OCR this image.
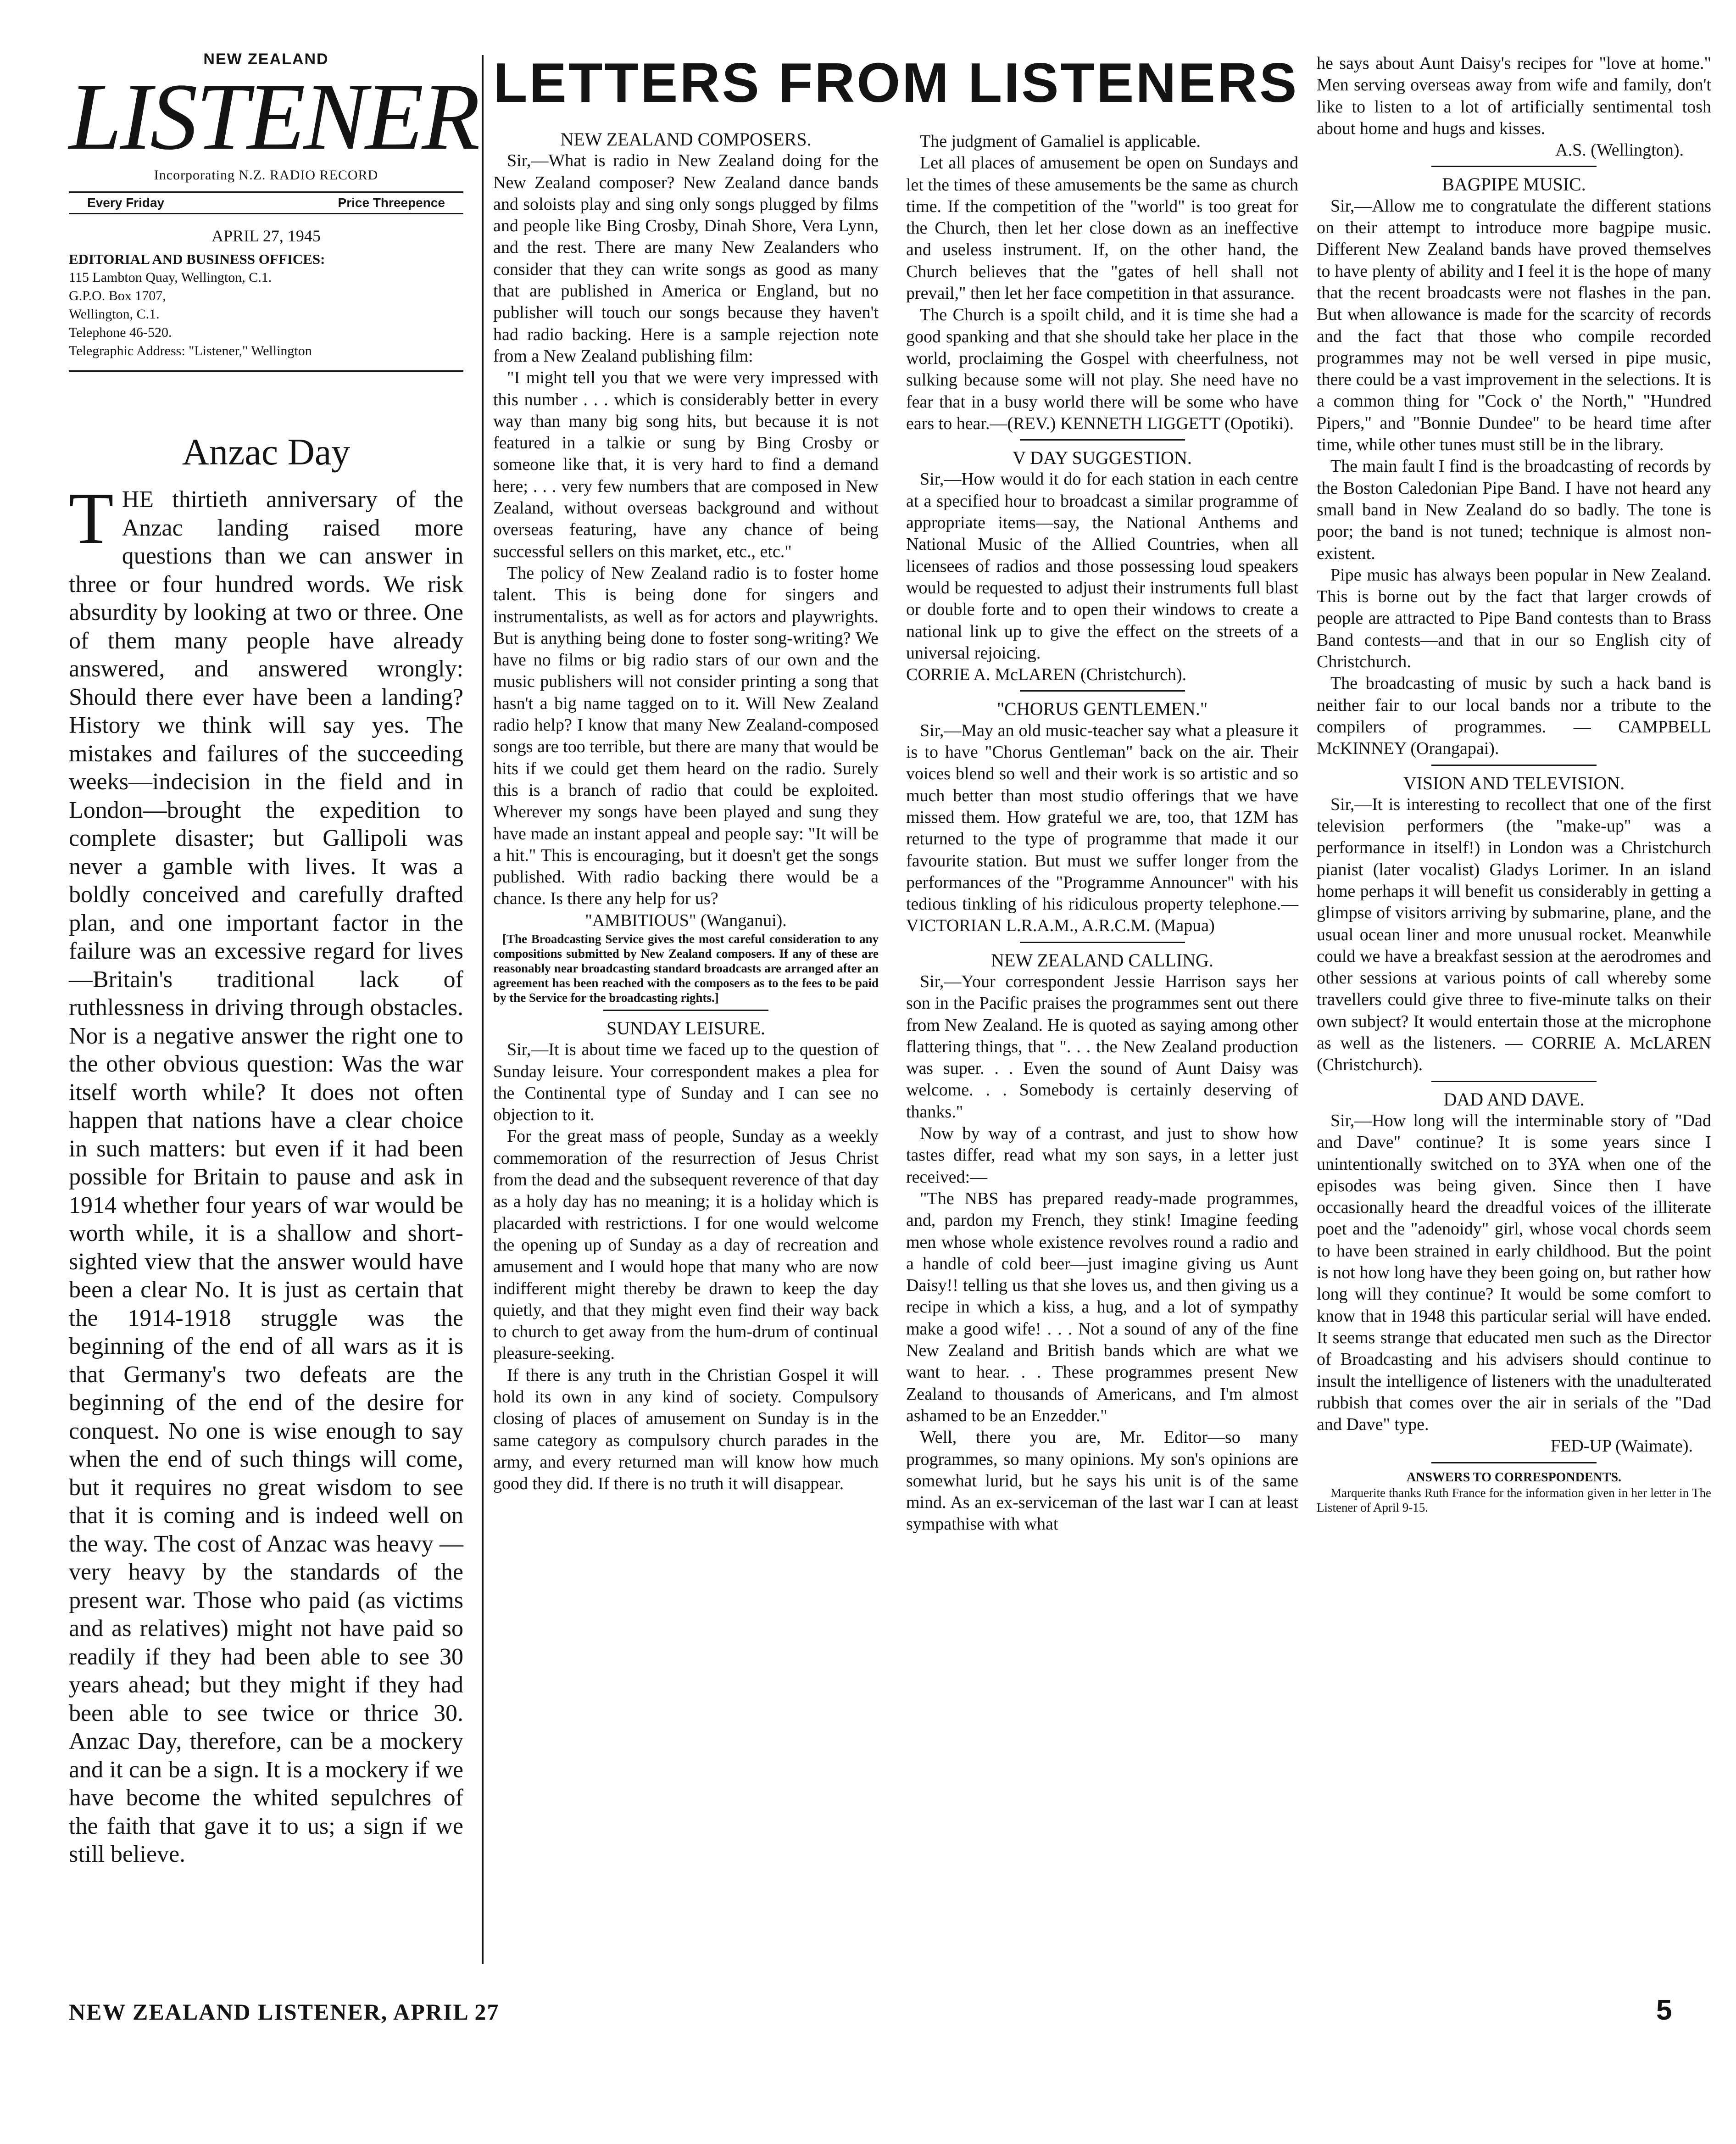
NEW ZEALAND
LISTENER
Incorporating N.Z. RADIO RECORD
Every Friday	Price Threepence
APRIL 27, 1945
EDITORIAL AND BUSINESS OFFICES:
115 Lambton Quay, Wellington, C.1.
G.P.O. Box 1707,
Wellington, C.1.
Telephone 46-520.
Telegraphic Address: "Listener," Wellington
Anzac Day
THE thirtieth anniversary of the Anzac landing raised more questions than we can answer in three or four hundred words. We risk absurdity by looking at two or three. One of them many people have already answered, and answered wrongly: Should there ever have been a landing? History we think will say yes. The mistakes and failures of the succeeding weeks—indecision in the field and in London—brought the expedition to complete disaster; but Gallipoli was never a gamble with lives. It was a boldly conceived and carefully drafted plan, and one important factor in the failure was an excessive regard for lives—Britain's traditional lack of ruthlessness in driving through obstacles. Nor is a negative answer the right one to the other obvious question: Was the war itself worth while? It does not often happen that nations have a clear choice in such matters: but even if it had been possible for Britain to pause and ask in 1914 whether four years of war would be worth while, it is a shallow and short-sighted view that the answer would have been a clear No. It is just as certain that the 1914-1918 struggle was the beginning of the end of all wars as it is that Germany's two defeats are the beginning of the end of the desire for conquest. No one is wise enough to say when the end of such things will come, but it requires no great wisdom to see that it is coming and is indeed well on the way. The cost of Anzac was heavy — very heavy by the standards of the present war. Those who paid (as victims and as relatives) might not have paid so readily if they had been able to see 30 years ahead; but they might if they had been able to see twice or thrice 30. Anzac Day, therefore, can be a mockery and it can be a sign. It is a mockery if we have become the whited sepulchres of the faith that gave it to us; a sign if we still believe.
LETTERS FROM LISTENERS

NEW ZEALAND COMPOSERS.

Sir,—What is radio in New Zealand doing for the New Zealand composer? New Zealand dance bands and soloists play and sing only songs plugged by films and people like Bing Crosby, Dinah Shore, Vera Lynn, and the rest. There are many New Zealanders who consider that they can write songs as good as many that are published in America or England, but no publisher will touch our songs because they haven't had radio backing. Here is a sample rejection note from a New Zealand publishing film:

"I might tell you that we were very impressed with this number . . . which is considerably better in every way than many big song hits, but because it is not featured in a talkie or sung by Bing Crosby or someone like that, it is very hard to find a demand here; . . . very few numbers that are composed in New Zealand, without overseas background and without overseas featuring, have any chance of being successful sellers on this market, etc., etc."

The policy of New Zealand radio is to foster home talent. This is being done for singers and instrumentalists, as well as for actors and playwrights. But is anything being done to foster song-writing? We have no films or big radio stars of our own and the music publishers will not consider printing a song that hasn't a big name tagged on to it. Will New Zealand radio help? I know that many New Zealand-composed songs are too terrible, but there are many that would be hits if we could get them heard on the radio. Surely this is a branch of radio that could be exploited. Wherever my songs have been played and sung they have made an instant appeal and people say: "It will be a hit." This is encouraging, but it doesn't get the songs published. With radio backing there would be a chance. Is there any help for us?

"AMBITIOUS" (Wanganui).

[The Broadcasting Service gives the most careful consideration to any compositions submitted by New Zealand composers. If any of these are reasonably near broadcasting standard broadcasts are arranged after an agreement has been reached with the composers as to the fees to be paid by the Service for the broadcasting rights.]

SUNDAY LEISURE.

Sir,—It is about time we faced up to the question of Sunday leisure. Your correspondent makes a plea for the Continental type of Sunday and I can see no objection to it.

For the great mass of people, Sunday as a weekly commemoration of the resurrection of Jesus Christ from the dead and the subsequent reverence of that day as a holy day has no meaning; it is a holiday which is placarded with restrictions. I for one would welcome the opening up of Sunday as a day of recreation and amusement and I would hope that many who are now indifferent might thereby be drawn to keep the day quietly, and that they might even find their way back to church to get away from the hum-drum of continual pleasure-seeking.

If there is any truth in the Christian Gospel it will hold its own in any kind of society. Compulsory closing of places of amusement on Sunday is in the same category as compulsory church parades in the army, and every returned man will know how much good they did. If there is no truth it will disappear.

The judgment of Gamaliel is applicable.

Let all places of amusement be open on Sundays and let the times of these amusements be the same as church time. If the competition of the "world" is too great for the Church, then let her close down as an ineffective and useless instrument. If, on the other hand, the Church believes that the "gates of hell shall not prevail," then let her face competition in that assurance.

The Church is a spoilt child, and it is time she had a good spanking and that she should take her place in the world, proclaiming the Gospel with cheerfulness, not sulking because some will not play. She need have no fear that in a busy world there will be some who have ears to hear.—(REV.) KENNETH LIGGETT (Opotiki).

V DAY SUGGESTION.

Sir,—How would it do for each station in each centre at a specified hour to broadcast a similar programme of appropriate items—say, the National Anthems and National Music of the Allied Countries, when all licensees of radios and those possessing loud speakers would be requested to adjust their instruments full blast or double forte and to open their windows to create a national link up to give the effect on the streets of a universal rejoicing.

CORRIE A. McLAREN (Christchurch).

"CHORUS GENTLEMEN."

Sir,—May an old music-teacher say what a pleasure it is to have "Chorus Gentleman" back on the air. Their voices blend so well and their work is so artistic and so much better than most studio offerings that we have missed them. How grateful we are, too, that 1ZM has returned to the type of programme that made it our favourite station. But must we suffer longer from the performances of the "Programme Announcer" with his tedious tinkling of his ridiculous property telephone.—VICTORIAN L.R.A.M., A.R.C.M. (Mapua)

NEW ZEALAND CALLING.

Sir,—Your correspondent Jessie Harrison says her son in the Pacific praises the programmes sent out there from New Zealand. He is quoted as saying among other flattering things, that ". . . the New Zealand production was super. . . Even the sound of Aunt Daisy was welcome. . . Somebody is certainly deserving of thanks."

Now by way of a contrast, and just to show how tastes differ, read what my son says, in a letter just received:—

"The NBS has prepared ready-made programmes, and, pardon my French, they stink! Imagine feeding men whose whole existence revolves round a radio and a handle of cold beer—just imagine giving us Aunt Daisy!! telling us that she loves us, and then giving us a recipe in which a kiss, a hug, and a lot of sympathy make a good wife! . . . Not a sound of any of the fine New Zealand and British bands which are what we want to hear. . . These programmes present New Zealand to thousands of Americans, and I'm almost ashamed to be an Enzedder."

Well, there you are, Mr. Editor—so many programmes, so many opinions. My son's opinions are somewhat lurid, but he says his unit is of the same mind. As an ex-serviceman of the last war I can at least sympathise with what

he says about Aunt Daisy's recipes for "love at home." Men serving overseas away from wife and family, don't like to listen to a lot of artificially sentimental tosh about home and hugs and kisses.

A.S. (Wellington).

BAGPIPE MUSIC.

Sir,—Allow me to congratulate the different stations on their attempt to introduce more bagpipe music. Different New Zealand bands have proved themselves to have plenty of ability and I feel it is the hope of many that the recent broadcasts were not flashes in the pan. But when allowance is made for the scarcity of records and the fact that those who compile recorded programmes may not be well versed in pipe music, there could be a vast improvement in the selections. It is a common thing for "Cock o' the North," "Hundred Pipers," and "Bonnie Dundee" to be heard time after time, while other tunes must still be in the library.

The main fault I find is the broadcasting of records by the Boston Caledonian Pipe Band. I have not heard any small band in New Zealand do so badly. The tone is poor; the band is not tuned; technique is almost non-existent.

Pipe music has always been popular in New Zealand. This is borne out by the fact that larger crowds of people are attracted to Pipe Band contests than to Brass Band contests—and that in our so English city of Christchurch.

The broadcasting of music by such a hack band is neither fair to our local bands nor a tribute to the compilers of programmes. — CAMPBELL McKINNEY (Orangapai).

VISION AND TELEVISION.

Sir,—It is interesting to recollect that one of the first television performers (the "make-up" was a performance in itself!) in London was a Christchurch pianist (later vocalist) Gladys Lorimer. In an island home perhaps it will benefit us considerably in getting a glimpse of visitors arriving by submarine, plane, and the usual ocean liner and more unusual rocket. Meanwhile could we have a breakfast session at the aerodromes and other sessions at various points of call whereby some travellers could give three to five-minute talks on their own subject? It would entertain those at the microphone as well as the listeners. — CORRIE A. McLAREN (Christchurch).

DAD AND DAVE.

Sir,—How long will the interminable story of "Dad and Dave" continue? It is some years since I unintentionally switched on to 3YA when one of the episodes was being given. Since then I have occasionally heard the dreadful voices of the illiterate poet and the "adenoidy" girl, whose vocal chords seem to have been strained in early childhood. But the point is not how long have they been going on, but rather how long will they continue? It would be some comfort to know that in 1948 this particular serial will have ended. It seems strange that educated men such as the Director of Broadcasting and his advisers should continue to insult the intelligence of listeners with the unadulterated rubbish that comes over the air in serials of the "Dad and Dave" type.

FED-UP (Waimate).

ANSWERS TO CORRESPONDENTS.

Marquerite thanks Ruth France for the information given in her letter in The Listener of April 9-15.

NEW ZEALAND LISTENER, APRIL 27	5
